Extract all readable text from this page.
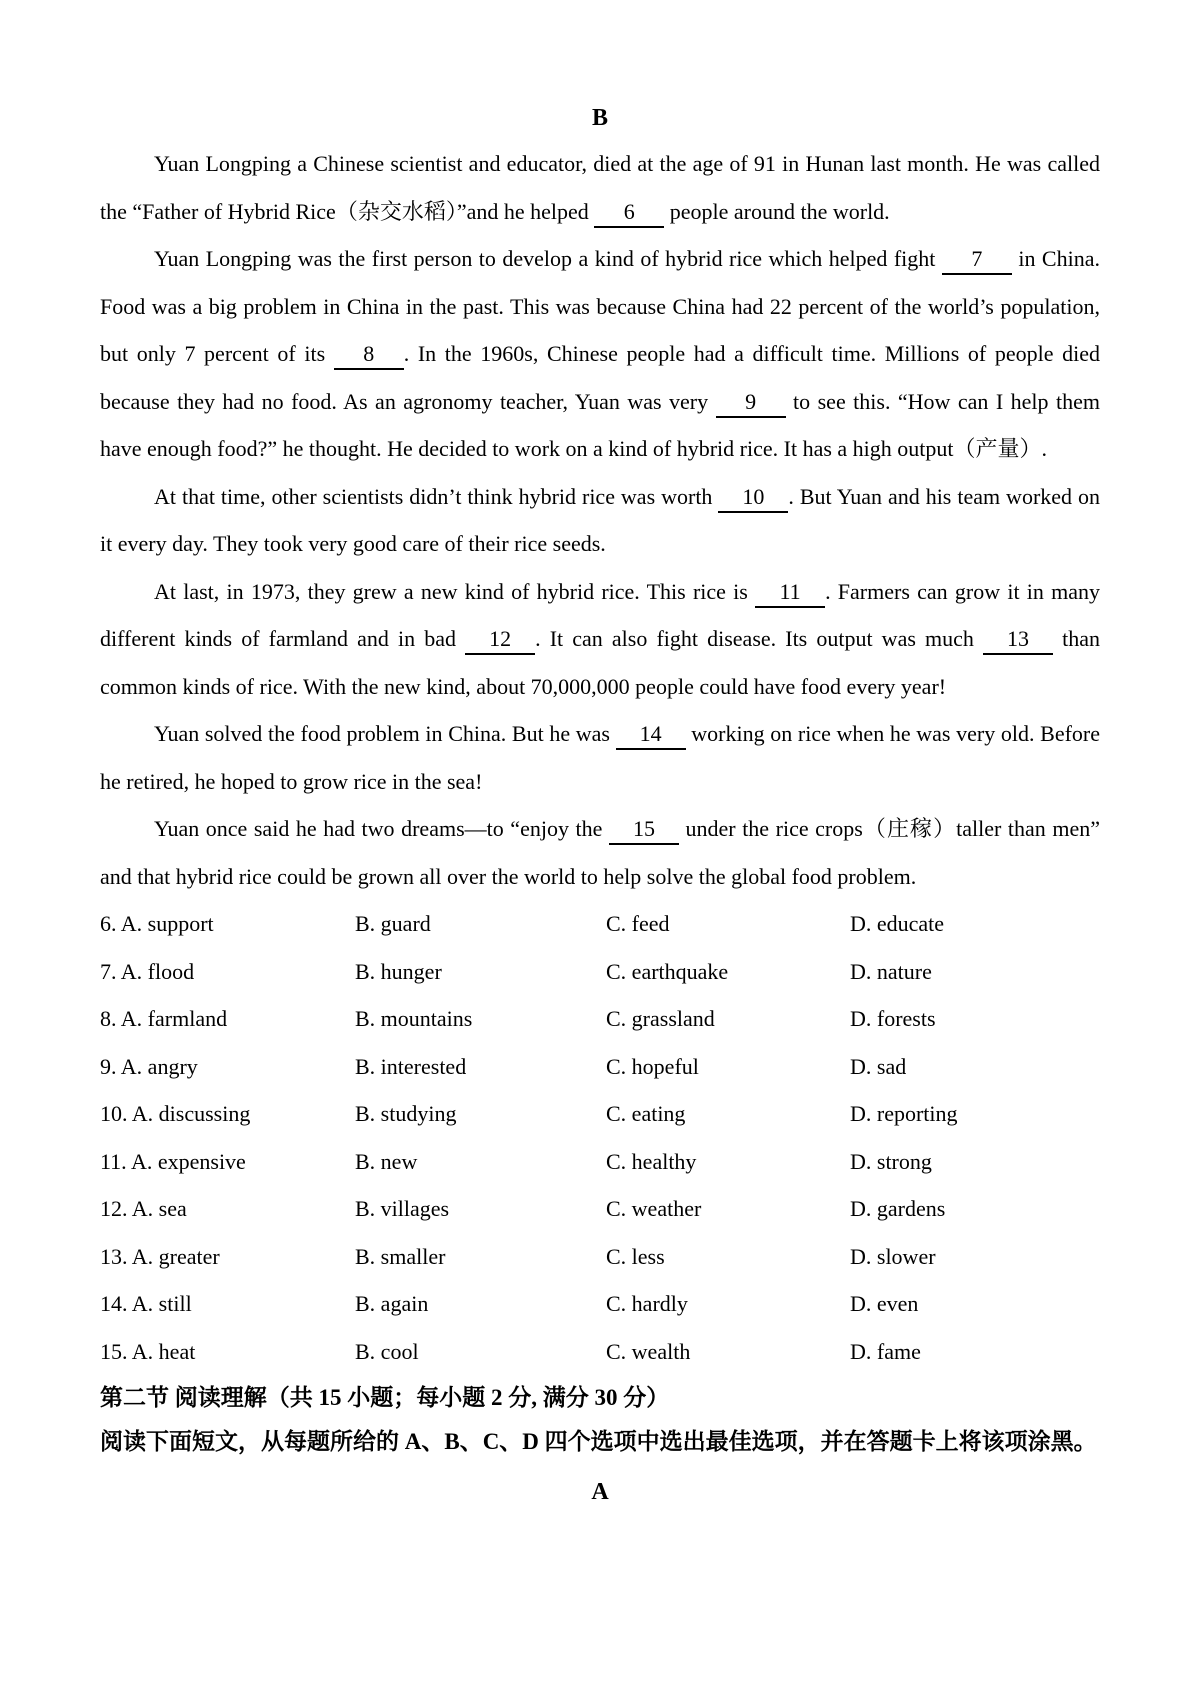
B

Yuan Longping a Chinese scientist and educator, died at the age of 91 in Hunan last month. He was called the “Father of Hybrid Rice（杂交水稻）”and he helped 6 people around the world.

Yuan Longping was the first person to develop a kind of hybrid rice which helped fight 7 in China. Food was a big problem in China in the past. This was because China had 22 percent of the world’s population, but only 7 percent of its 8 . In the 1960s, Chinese people had a difficult time. Millions of people died because they had no food. As an agronomy teacher, Yuan was very 9 to see this. “How can I help them have enough food?” he thought. He decided to work on a kind of hybrid rice. It has a high output（产量）.

At that time, other scientists didn’t think hybrid rice was worth 10 . But Yuan and his team worked on it every day. They took very good care of their rice seeds.

At last, in 1973, they grew a new kind of hybrid rice. This rice is 11 . Farmers can grow it in many different kinds of farmland and in bad 12 . It can also fight disease. Its output was much 13 than common kinds of rice. With the new kind, about 70,000,000 people could have food every year!

Yuan solved the food problem in China. But he was 14 working on rice when he was very old. Before he retired, he hoped to grow rice in the sea!

Yuan once said he had two dreams—to “enjoy the 15 under the rice crops（庄稼）taller than men” and that hybrid rice could be grown all over the world to help solve the global food problem.

6. A. support	B. guard	C. feed	D. educate
7. A. flood	B. hunger	C. earthquake	D. nature
8. A. farmland	B. mountains	C. grassland	D. forests
9. A. angry	B. interested	C. hopeful	D. sad
10. A. discussing	B. studying	C. eating	D. reporting
11. A. expensive	B. new	C. healthy	D. strong
12. A. sea	B. villages	C. weather	D. gardens
13. A. greater	B. smaller	C. less	D. slower
14. A. still	B. again	C. hardly	D. even
15. A. heat	B. cool	C. wealth	D. fame
第二节 阅读理解（共 15 小题；每小题 2 分, 满分 30 分）
阅读下面短文，从每题所给的 A、B、C、D 四个选项中选出最佳选项，并在答题卡上将该项涂黑。
A
